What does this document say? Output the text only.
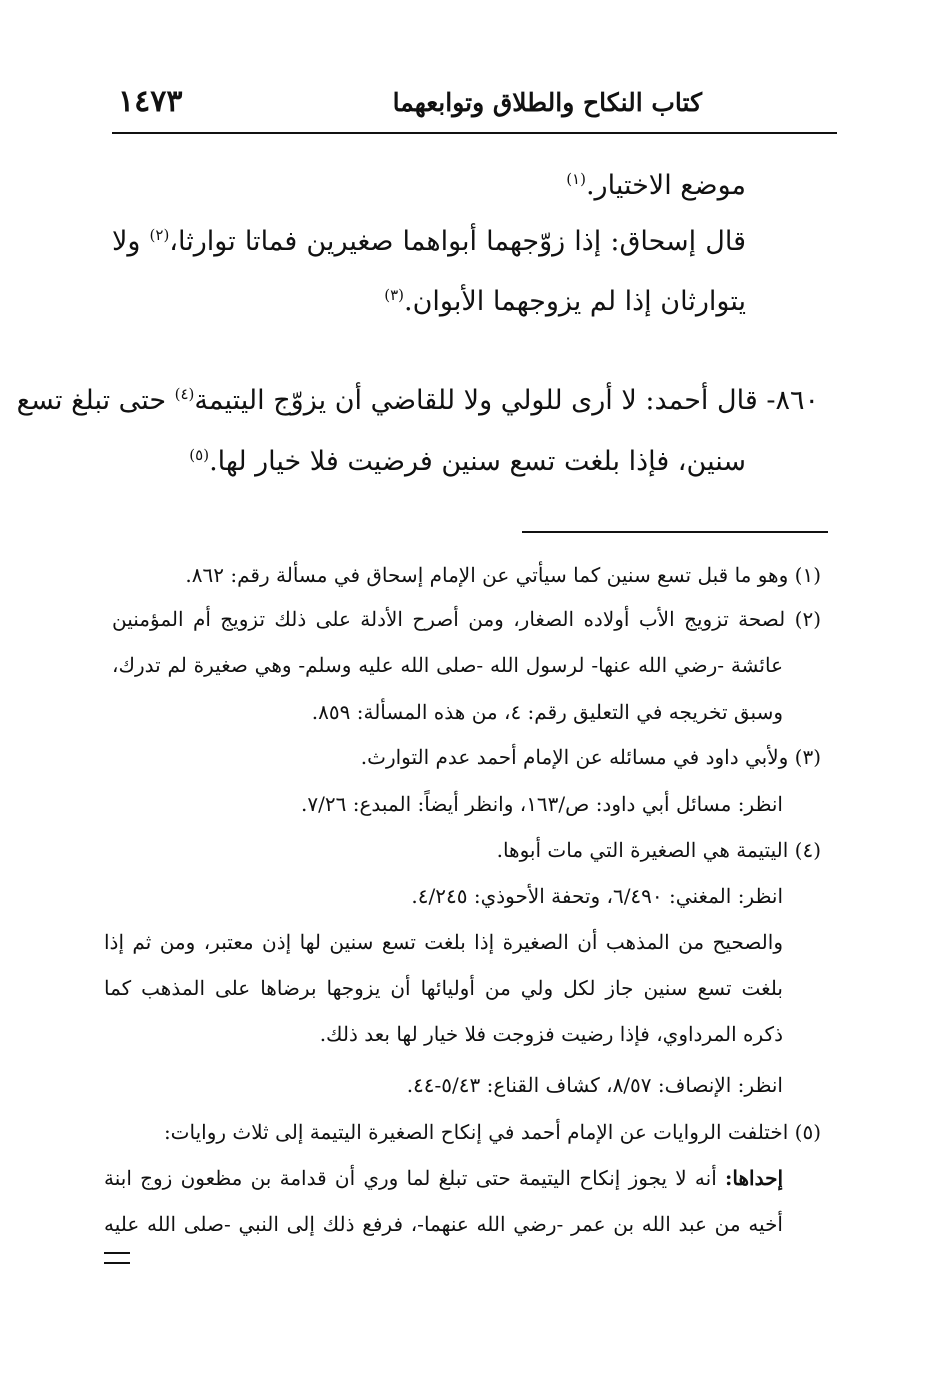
١٤٧٣	كتاب النكاح والطلاق وتوابعهما
موضع الاختيار.$^{(١)}$
قال إسحاق: إذا زوّجهما أبواهما صغيرين فماتا توارثا،$^{(٢)}$ ولا
يتوارثان إذا لم يزوجهما الأبوان.$^{(٣)}$
٨٦٠- قال أحمد: لا أرى للولي ولا للقاضي أن يزوّج اليتيمة$^{(٤)}$ حتى تبلغ تسع
سنين، فإذا بلغت تسع سنين فرضيت فلا خيار لها.$^{(٥)}$
(١) وهو ما قبل تسع سنين كما سيأتي عن الإمام إسحاق في مسألة رقم: ٨٦٢.
(٢) لصحة تزويج الأب أولاده الصغار، ومن أصرح الأدلة على ذلك تزويج أم المؤمنين
عائشة -رضي الله عنها- لرسول الله -صلى الله عليه وسلم- وهي صغيرة لم تدرك،
وسبق تخريجه في التعليق رقم: ٤، من هذه المسألة: ٨٥٩.
(٣) ولأبي داود في مسائله عن الإمام أحمد عدم التوارث.
انظر: مسائل أبي داود: ص/١٦٣، وانظر أيضاً: المبدع: ٧/٢٦.
(٤) اليتيمة هي الصغيرة التي مات أبوها.
انظر: المغني: ٦/٤٩٠، وتحفة الأحوذي: ٤/٢٤٥.
والصحيح من المذهب أن الصغيرة إذا بلغت تسع سنين لها إذن معتبر، ومن ثم إذا
بلغت تسع سنين جاز لكل ولي من أوليائها أن يزوجها برضاها على المذهب كما
ذكره المرداوي، فإذا رضيت فزوجت فلا خيار لها بعد ذلك.
انظر: الإنصاف: ٨/٥٧، كشاف القناع: ٥/٤٣-٤٤.
(٥) اختلفت الروايات عن الإمام أحمد في إنكاح الصغيرة اليتيمة إلى ثلاث روايات:
إحداها: أنه لا يجوز إنكاح اليتيمة حتى تبلغ لما وري أن قدامة بن مظعون زوج ابنة
أخيه من عبد الله بن عمر -رضي الله عنهما-، فرفع ذلك إلى النبي -صلى الله عليه
